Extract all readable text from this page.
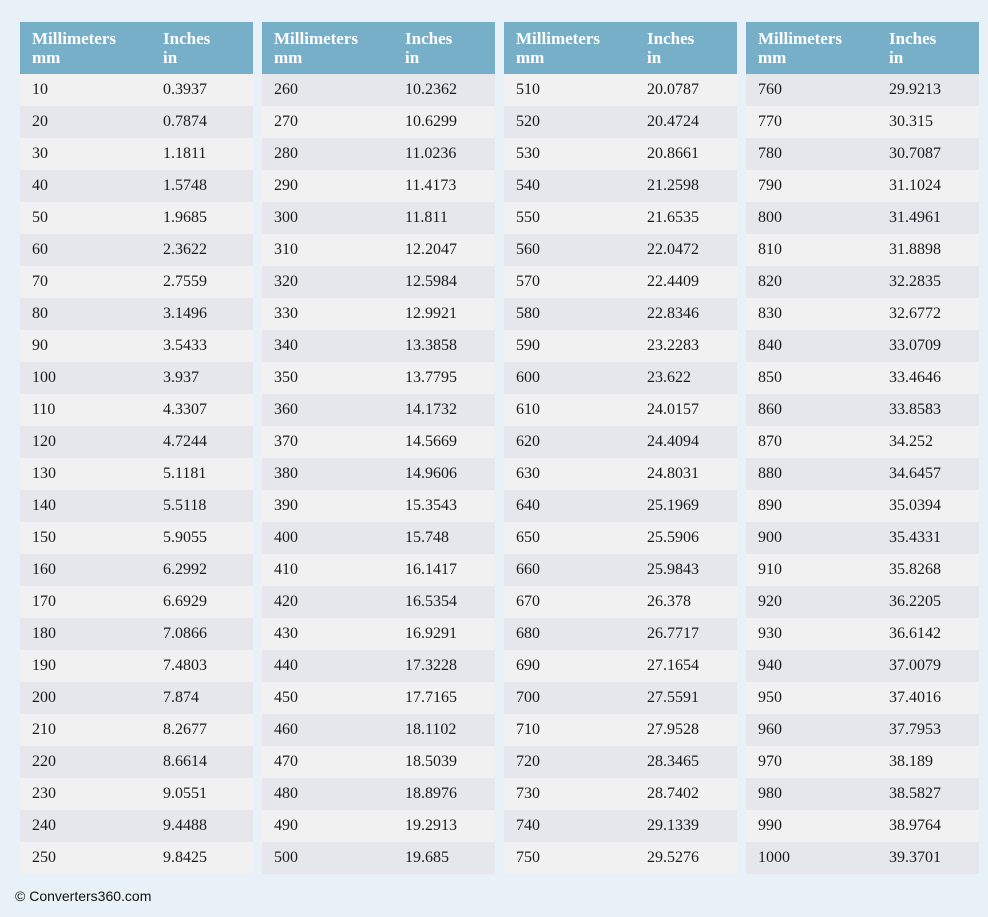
Millimeters
mm
Inches
in
10	0.3937
20	0.7874
30	1.1811
40	1.5748
50	1.9685
60	2.3622
70	2.7559
80	3.1496
90	3.5433
100	3.937
110	4.3307
120	4.7244
130	5.1181
140	5.5118
150	5.9055
160	6.2992
170	6.6929
180	7.0866
190	7.4803
200	7.874
210	8.2677
220	8.6614
230	9.0551
240	9.4488
250	9.8425
Millimeters
mm
Inches
in
260	10.2362
270	10.6299
280	11.0236
290	11.4173
300	11.811
310	12.2047
320	12.5984
330	12.9921
340	13.3858
350	13.7795
360	14.1732
370	14.5669
380	14.9606
390	15.3543
400	15.748
410	16.1417
420	16.5354
430	16.9291
440	17.3228
450	17.7165
460	18.1102
470	18.5039
480	18.8976
490	19.2913
500	19.685
Millimeters
mm
Inches
in
510	20.0787
520	20.4724
530	20.8661
540	21.2598
550	21.6535
560	22.0472
570	22.4409
580	22.8346
590	23.2283
600	23.622
610	24.0157
620	24.4094
630	24.8031
640	25.1969
650	25.5906
660	25.9843
670	26.378
680	26.7717
690	27.1654
700	27.5591
710	27.9528
720	28.3465
730	28.7402
740	29.1339
750	29.5276
Millimeters
mm
Inches
in
760	29.9213
770	30.315
780	30.7087
790	31.1024
800	31.4961
810	31.8898
820	32.2835
830	32.6772
840	33.0709
850	33.4646
860	33.8583
870	34.252
880	34.6457
890	35.0394
900	35.4331
910	35.8268
920	36.2205
930	36.6142
940	37.0079
950	37.4016
960	37.7953
970	38.189
980	38.5827
990	38.9764
1000	39.3701
© Converters360.com
